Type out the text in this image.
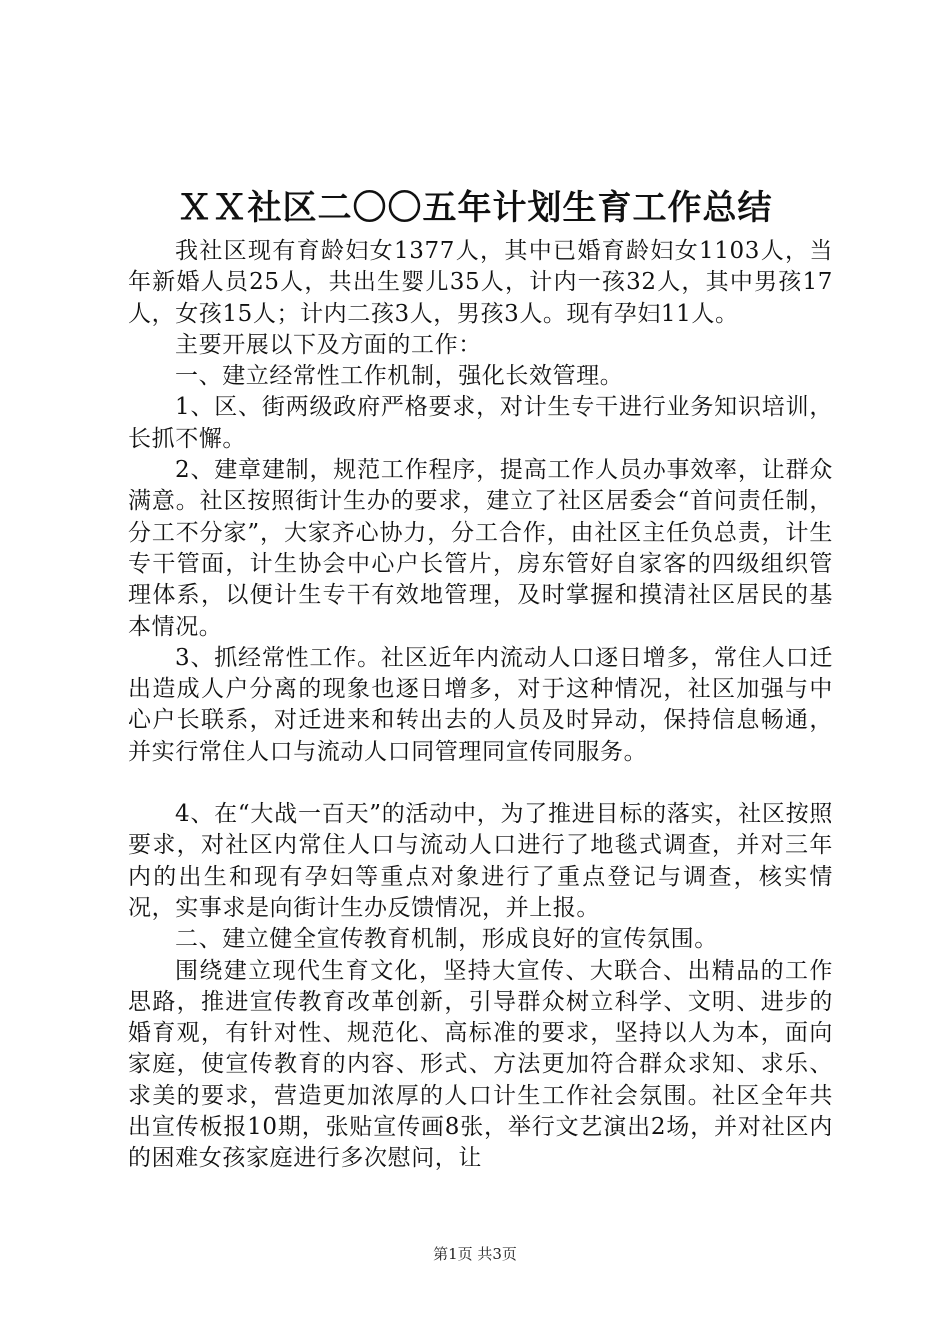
ＸＸ社区二〇〇五年计划生育工作总结

我社区现有育龄妇女1377人，其中已婚育龄妇女1103人，当年新婚人员25人，共出生婴儿35人，计内一孩32人，其中男孩17人，女孩15人；计内二孩3人，男孩3人。现有孕妇11人。

主要开展以下及方面的工作：

一、建立经常性工作机制，强化长效管理。

1、区、街两级政府严格要求，对计生专干进行业务知识培训，长抓不懈。

2、建章建制，规范工作程序，提高工作人员办事效率，让群众满意。社区按照街计生办的要求，建立了社区居委会“首问责任制，分工不分家”，大家齐心协力，分工合作，由社区主任负总责，计生专干管面，计生协会中心户长管片，房东管好自家客的四级组织管理体系，以便计生专干有效地管理，及时掌握和摸清社区居民的基本情况。

3、抓经常性工作。社区近年内流动人口逐日增多，常住人口迁出造成人户分离的现象也逐日增多，对于这种情况，社区加强与中心户长联系，对迁进来和转出去的人员及时异动，保持信息畅通，并实行常住人口与流动人口同管理同宣传同服务。

4、在“大战一百天”的活动中，为了推进目标的落实，社区按照要求，对社区内常住人口与流动人口进行了地毯式调查，并对三年内的出生和现有孕妇等重点对象进行了重点登记与调查，核实情况，实事求是向街计生办反馈情况，并上报。

二、建立健全宣传教育机制，形成良好的宣传氛围。

围绕建立现代生育文化，坚持大宣传、大联合、出精品的工作思路，推进宣传教育改革创新，引导群众树立科学、文明、进步的婚育观，有针对性、规范化、高标准的要求，坚持以人为本，面向家庭，使宣传教育的内容、形式、方法更加符合群众求知、求乐、求美的要求，营造更加浓厚的人口计生工作社会氛围。社区全年共出宣传板报10期，张贴宣传画8张，举行文艺演出2场，并对社区内的困难女孩家庭进行多次慰问，让

第1页 共3页
